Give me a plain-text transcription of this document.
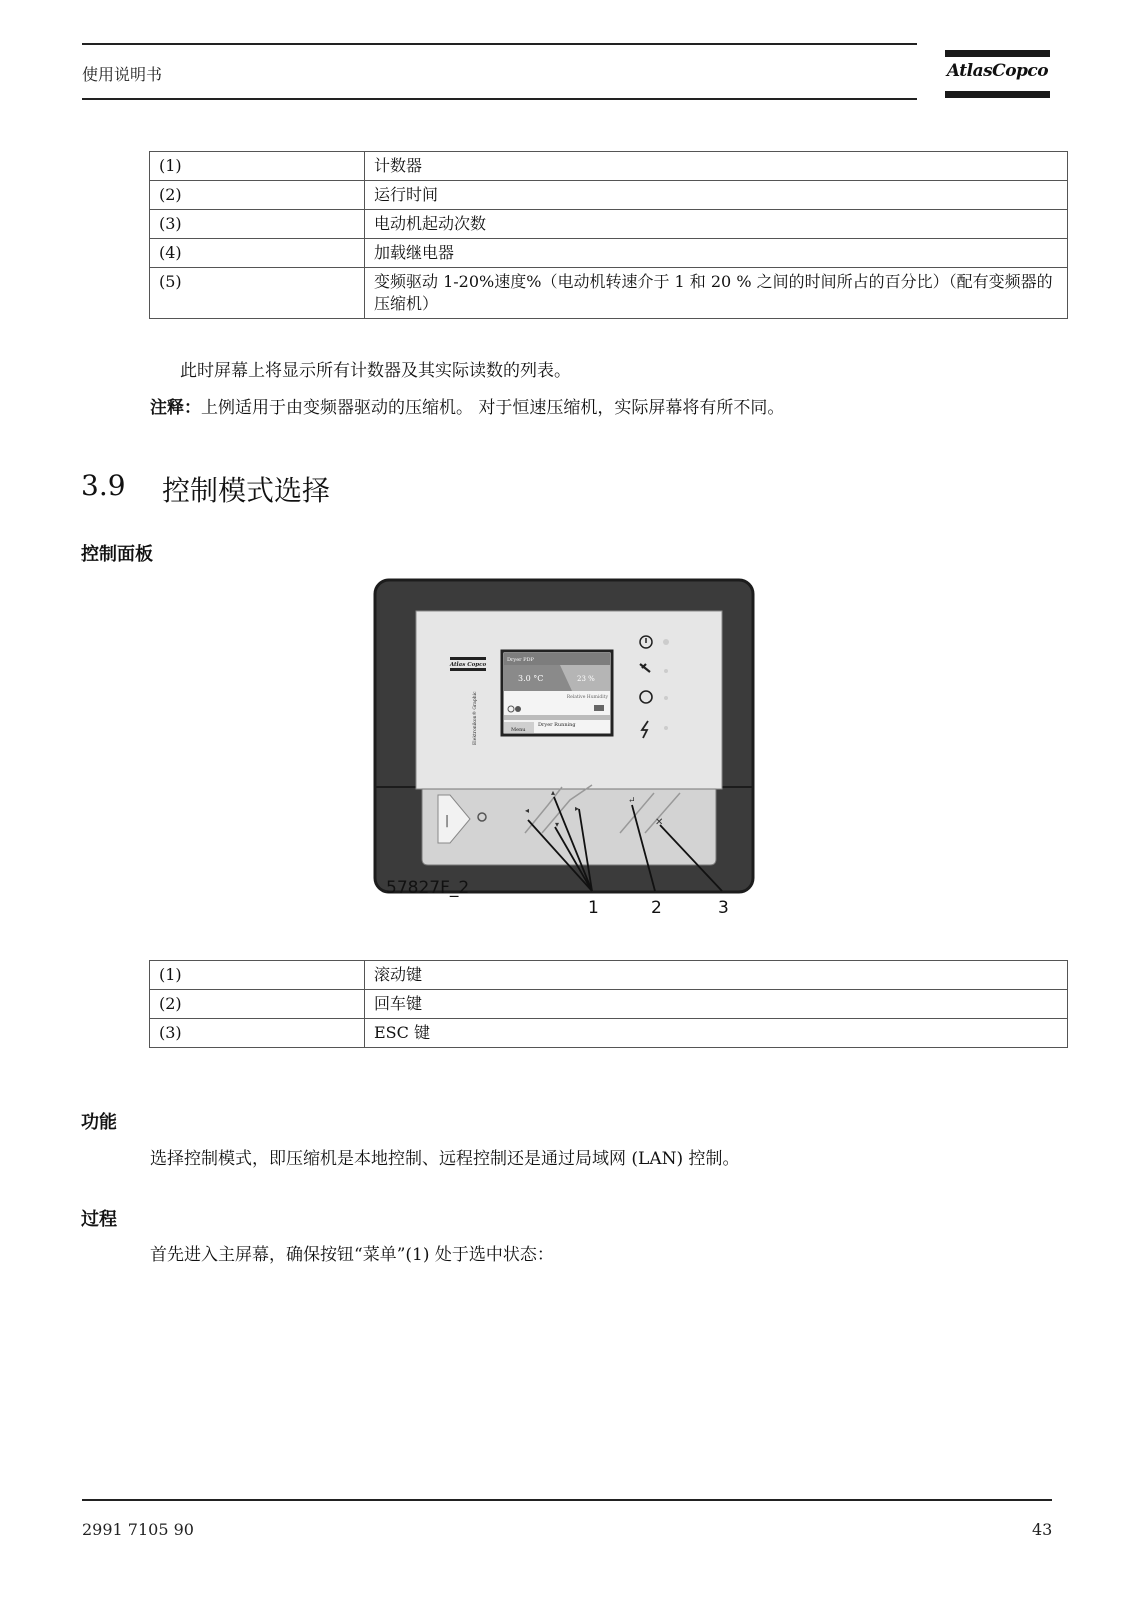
使用说明书	AtlasCopco
(1)	计数器
(2)	运行时间
(3)	电动机起动次数
(4)	加载继电器
(5)	变频驱动 1-20%速度%（电动机转速介于 1 和 20 % 之间的时间所占的百分比）（配有变频器的压缩机）
此时屏幕上将显示所有计数器及其实际读数的列表。
注释：上例适用于由变频器驱动的压缩机。 对于恒速压缩机，实际屏幕将有所不同。
3.9 控制模式选择
控制面板
Atlas Copco
Elektronikon® Graphic
Dryer PDP
3.0 °C	23 %
Relative Humidity
Dryer Running
Menu
|
◂
▴
▾
▸
↵
✕
57827F_2
1	2	3
(1)	滚动键
(2)	回车键
(3)	ESC 键
功能
选择控制模式，即压缩机是本地控制、远程控制还是通过局域网 (LAN) 控制。
过程
首先进入主屏幕，确保按钮“菜单”(1) 处于选中状态：
2991 7105 90	43
